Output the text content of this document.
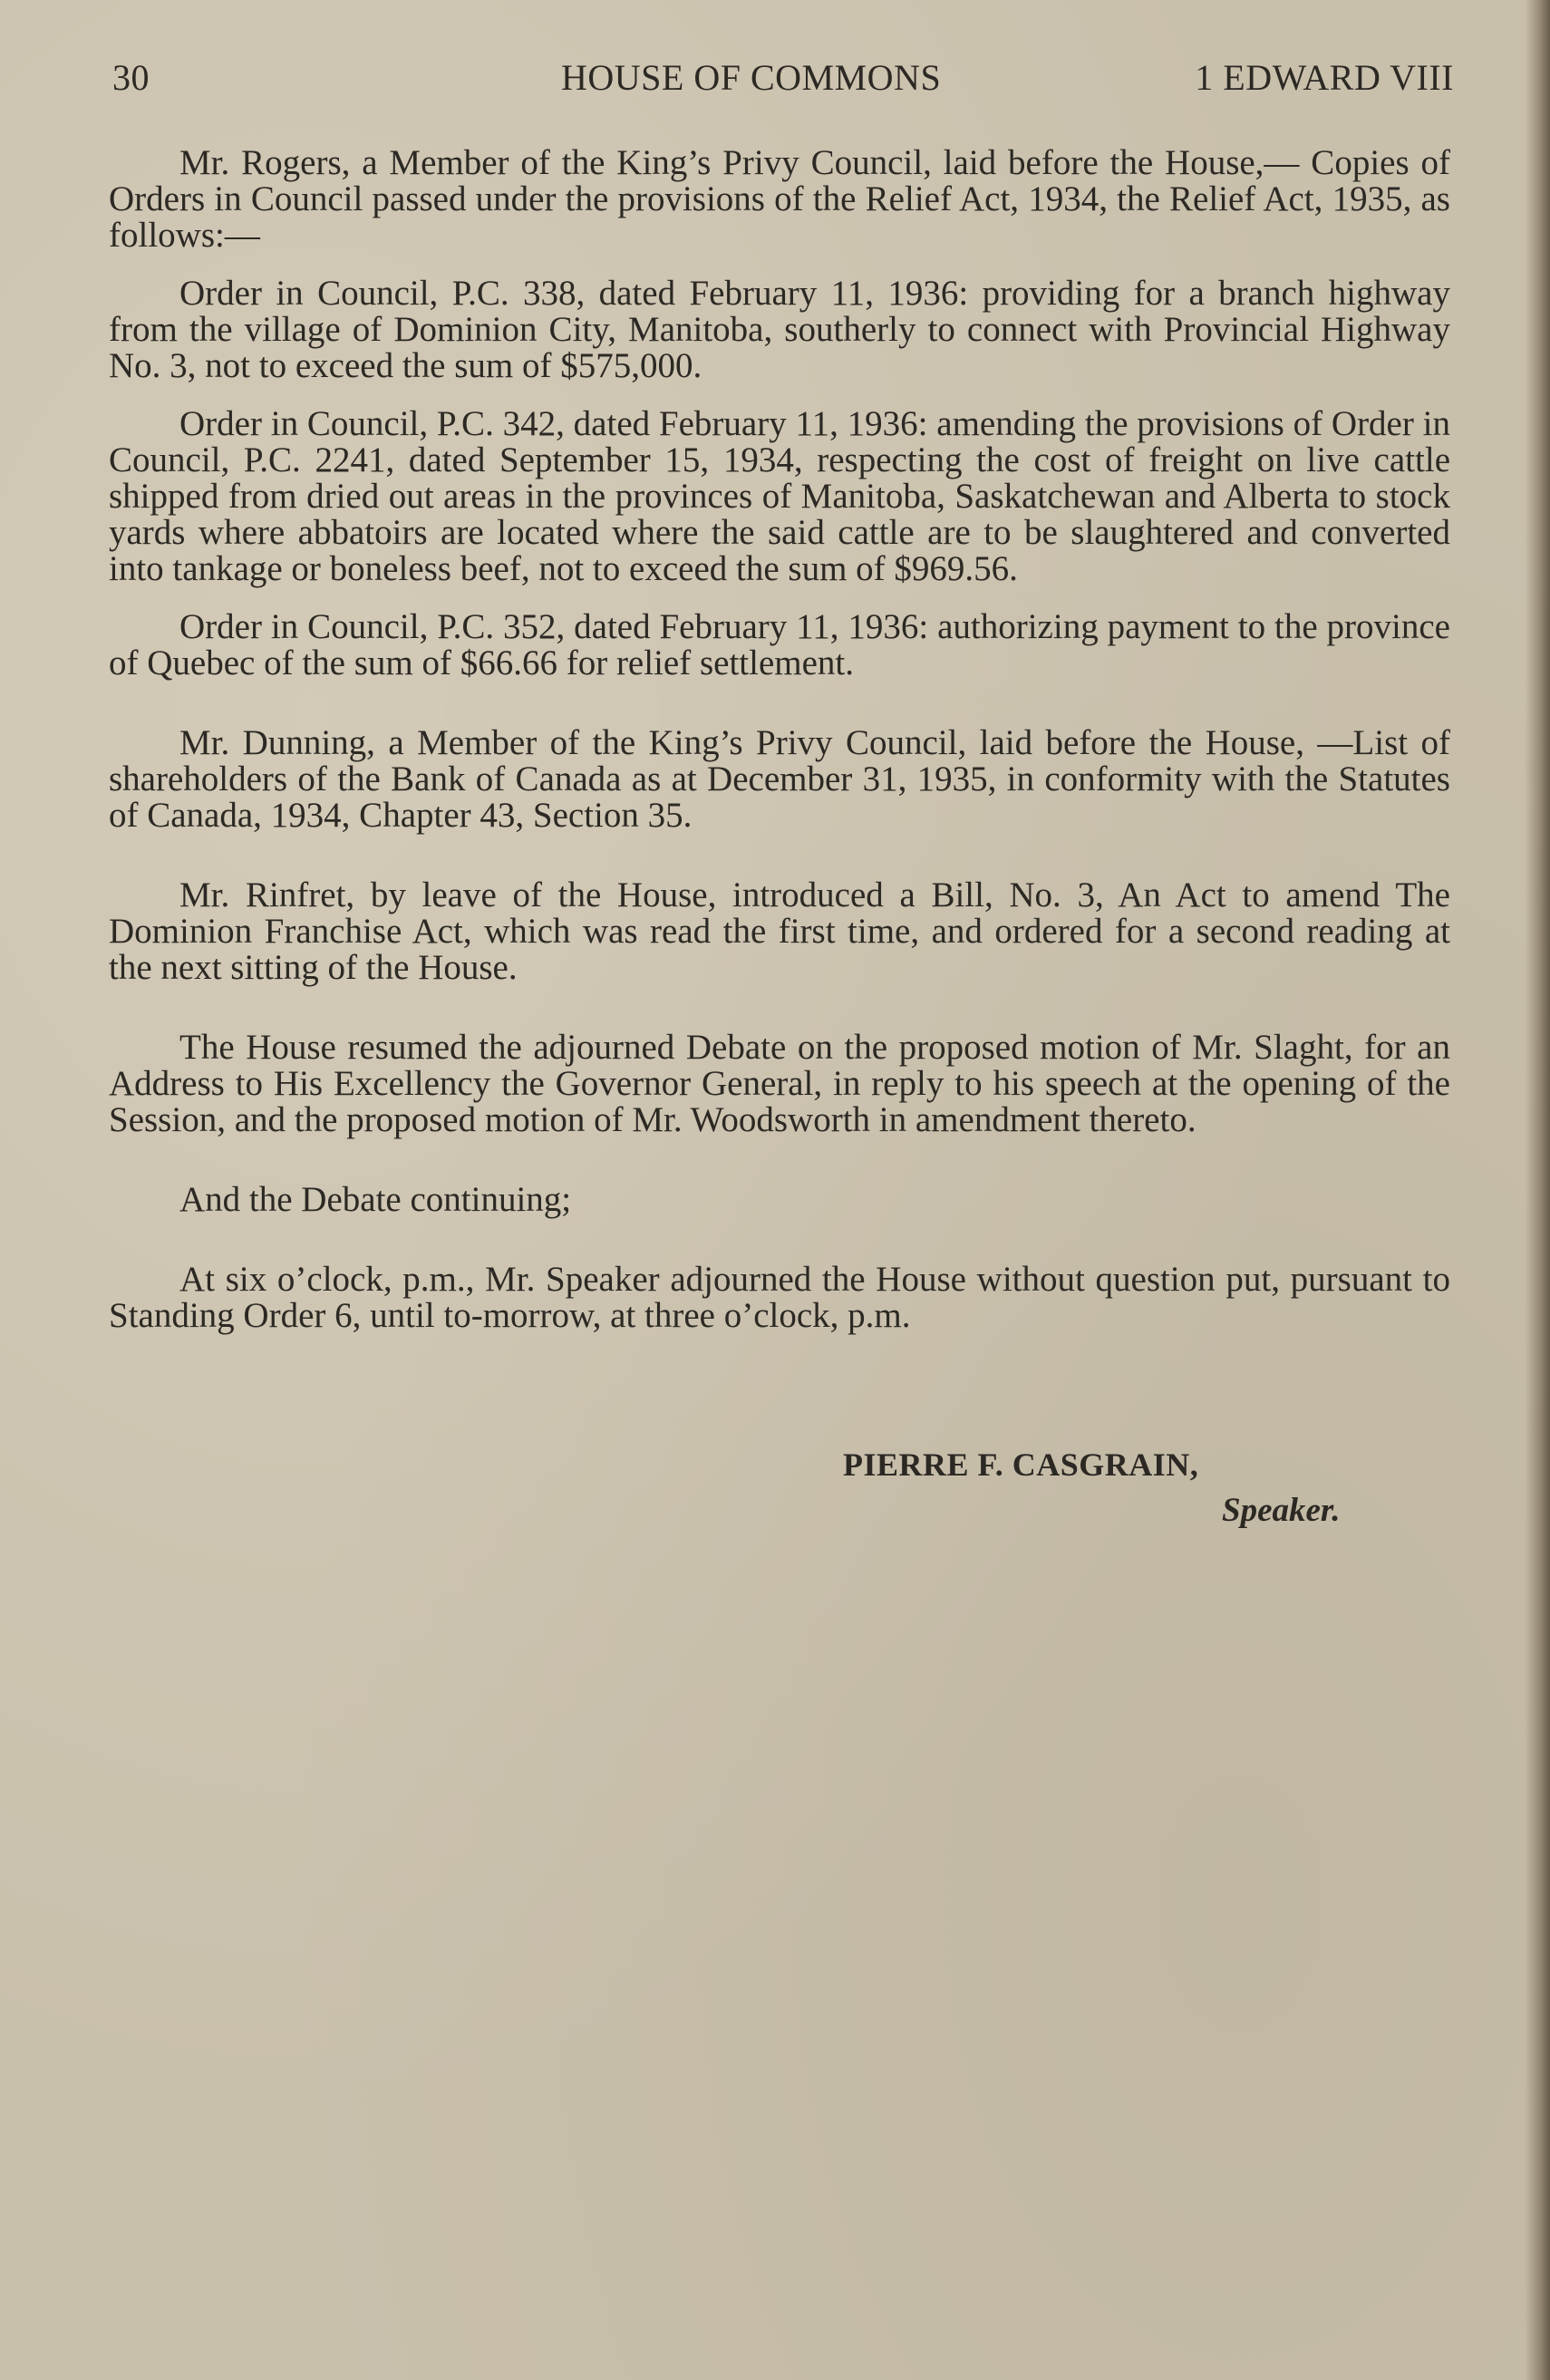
30	HOUSE OF COMMONS	1 EDWARD VIII

Mr. Rogers, a Member of the King’s Privy Council, laid before the House,— Copies of Orders in Council passed under the provisions of the Relief Act, 1934, the Relief Act, 1935, as follows:—

Order in Council, P.C. 338, dated February 11, 1936: providing for a branch highway from the village of Dominion City, Manitoba, southerly to connect with Provincial Highway No. 3, not to exceed the sum of $575,000.

Order in Council, P.C. 342, dated February 11, 1936: amending the provisions of Order in Council, P.C. 2241, dated September 15, 1934, respecting the cost of freight on live cattle shipped from dried out areas in the provinces of Manitoba, Saskatchewan and Alberta to stock yards where abbatoirs are located where the said cattle are to be slaughtered and converted into tankage or boneless beef, not to exceed the sum of $969.56.

Order in Council, P.C. 352, dated February 11, 1936: authorizing payment to the province of Quebec of the sum of $66.66 for relief settlement.

Mr. Dunning, a Member of the King’s Privy Council, laid before the House, —List of shareholders of the Bank of Canada as at December 31, 1935, in conformity with the Statutes of Canada, 1934, Chapter 43, Section 35.

Mr. Rinfret, by leave of the House, introduced a Bill, No. 3, An Act to amend The Dominion Franchise Act, which was read the first time, and ordered for a second reading at the next sitting of the House.

The House resumed the adjourned Debate on the proposed motion of Mr. Slaght, for an Address to His Excellency the Governor General, in reply to his speech at the opening of the Session, and the proposed motion of Mr. Woodsworth in amendment thereto.

And the Debate continuing;

At six o’clock, p.m., Mr. Speaker adjourned the House without question put, pursuant to Standing Order 6, until to-morrow, at three o’clock, p.m.

PIERRE F. CASGRAIN,

Speaker.
